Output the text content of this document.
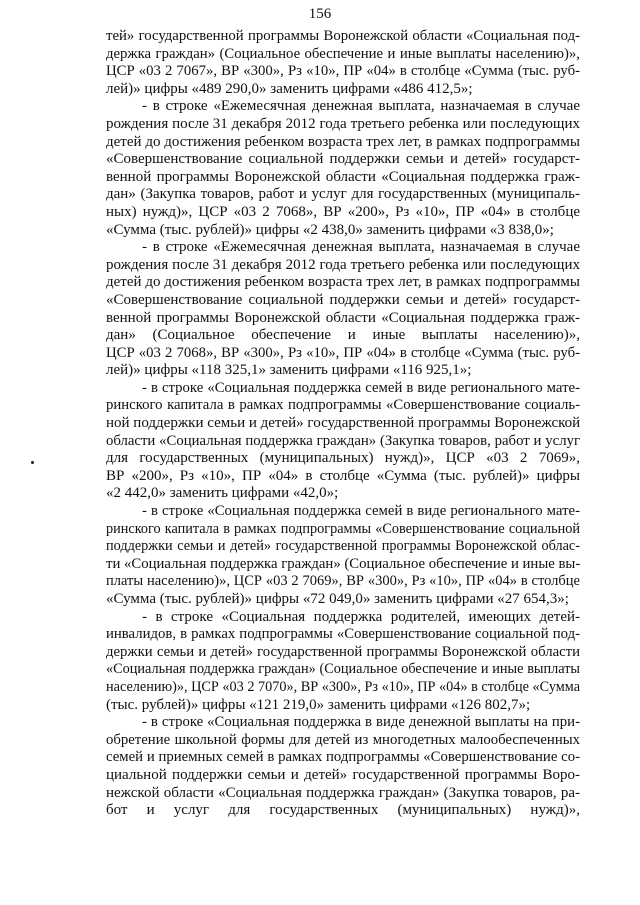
156
тей» государственной программы Воронежской области «Социальная под-
держка граждан» (Социальное обеспечение и иные выплаты населению)»,
ЦСР «03 2 7067», ВР «300», Рз «10», ПР «04» в столбце «Сумма (тыс. руб-
лей)» цифры «489 290,0» заменить цифрами «486 412,5»;
- в строке «Ежемесячная денежная выплата, назначаемая в случае
рождения после 31 декабря 2012 года третьего ребенка или последующих
детей до достижения ребенком возраста трех лет, в рамках подпрограммы
«Совершенствование социальной поддержки семьи и детей» государст-
венной программы Воронежской области «Социальная поддержка граж-
дан» (Закупка товаров, работ и услуг для государственных (муниципаль-
ных) нужд)», ЦСР «03 2 7068», ВР «200», Рз «10», ПР «04» в столбце
«Сумма (тыс. рублей)» цифры «2 438,0» заменить цифрами «3 838,0»;
- в строке «Ежемесячная денежная выплата, назначаемая в случае
рождения после 31 декабря 2012 года третьего ребенка или последующих
детей до достижения ребенком возраста трех лет, в рамках подпрограммы
«Совершенствование социальной поддержки семьи и детей» государст-
венной программы Воронежской области «Социальная поддержка граж-
дан» (Социальное обеспечение и иные выплаты населению)»,
ЦСР «03 2 7068», ВР «300», Рз «10», ПР «04» в столбце «Сумма (тыс. руб-
лей)» цифры «118 325,1» заменить цифрами «116 925,1»;
- в строке «Социальная поддержка семей в виде регионального мате-
ринского капитала в рамках подпрограммы «Совершенствование социаль-
ной поддержки семьи и детей» государственной программы Воронежской
области «Социальная поддержка граждан» (Закупка товаров, работ и услуг
для государственных (муниципальных) нужд)», ЦСР «03 2 7069»,
ВР «200», Рз «10», ПР «04» в столбце «Сумма (тыс. рублей)» цифры
«2 442,0» заменить цифрами «42,0»;
- в строке «Социальная поддержка семей в виде регионального мате-
ринского капитала в рамках подпрограммы «Совершенствование социальной
поддержки семьи и детей» государственной программы Воронежской облас-
ти «Социальная поддержка граждан» (Социальное обеспечение и иные вы-
платы населению)», ЦСР «03 2 7069», ВР «300», Рз «10», ПР «04» в столбце
«Сумма (тыс. рублей)» цифры «72 049,0» заменить цифрами «27 654,3»;
- в строке «Социальная поддержка родителей, имеющих детей-
инвалидов, в рамках подпрограммы «Совершенствование социальной под-
держки семьи и детей» государственной программы Воронежской области
«Социальная поддержка граждан» (Социальное обеспечение и иные выплаты
населению)», ЦСР «03 2 7070», ВР «300», Рз «10», ПР «04» в столбце «Сумма
(тыс. рублей)» цифры «121 219,0» заменить цифрами «126 802,7»;
- в строке «Социальная поддержка в виде денежной выплаты на при-
обретение школьной формы для детей из многодетных малообеспеченных
семей и приемных семей в рамках подпрограммы «Совершенствование со-
циальной поддержки семьи и детей» государственной программы Воро-
нежской области «Социальная поддержка граждан» (Закупка товаров, ра-
бот и услуг для государственных (муниципальных) нужд)»,
